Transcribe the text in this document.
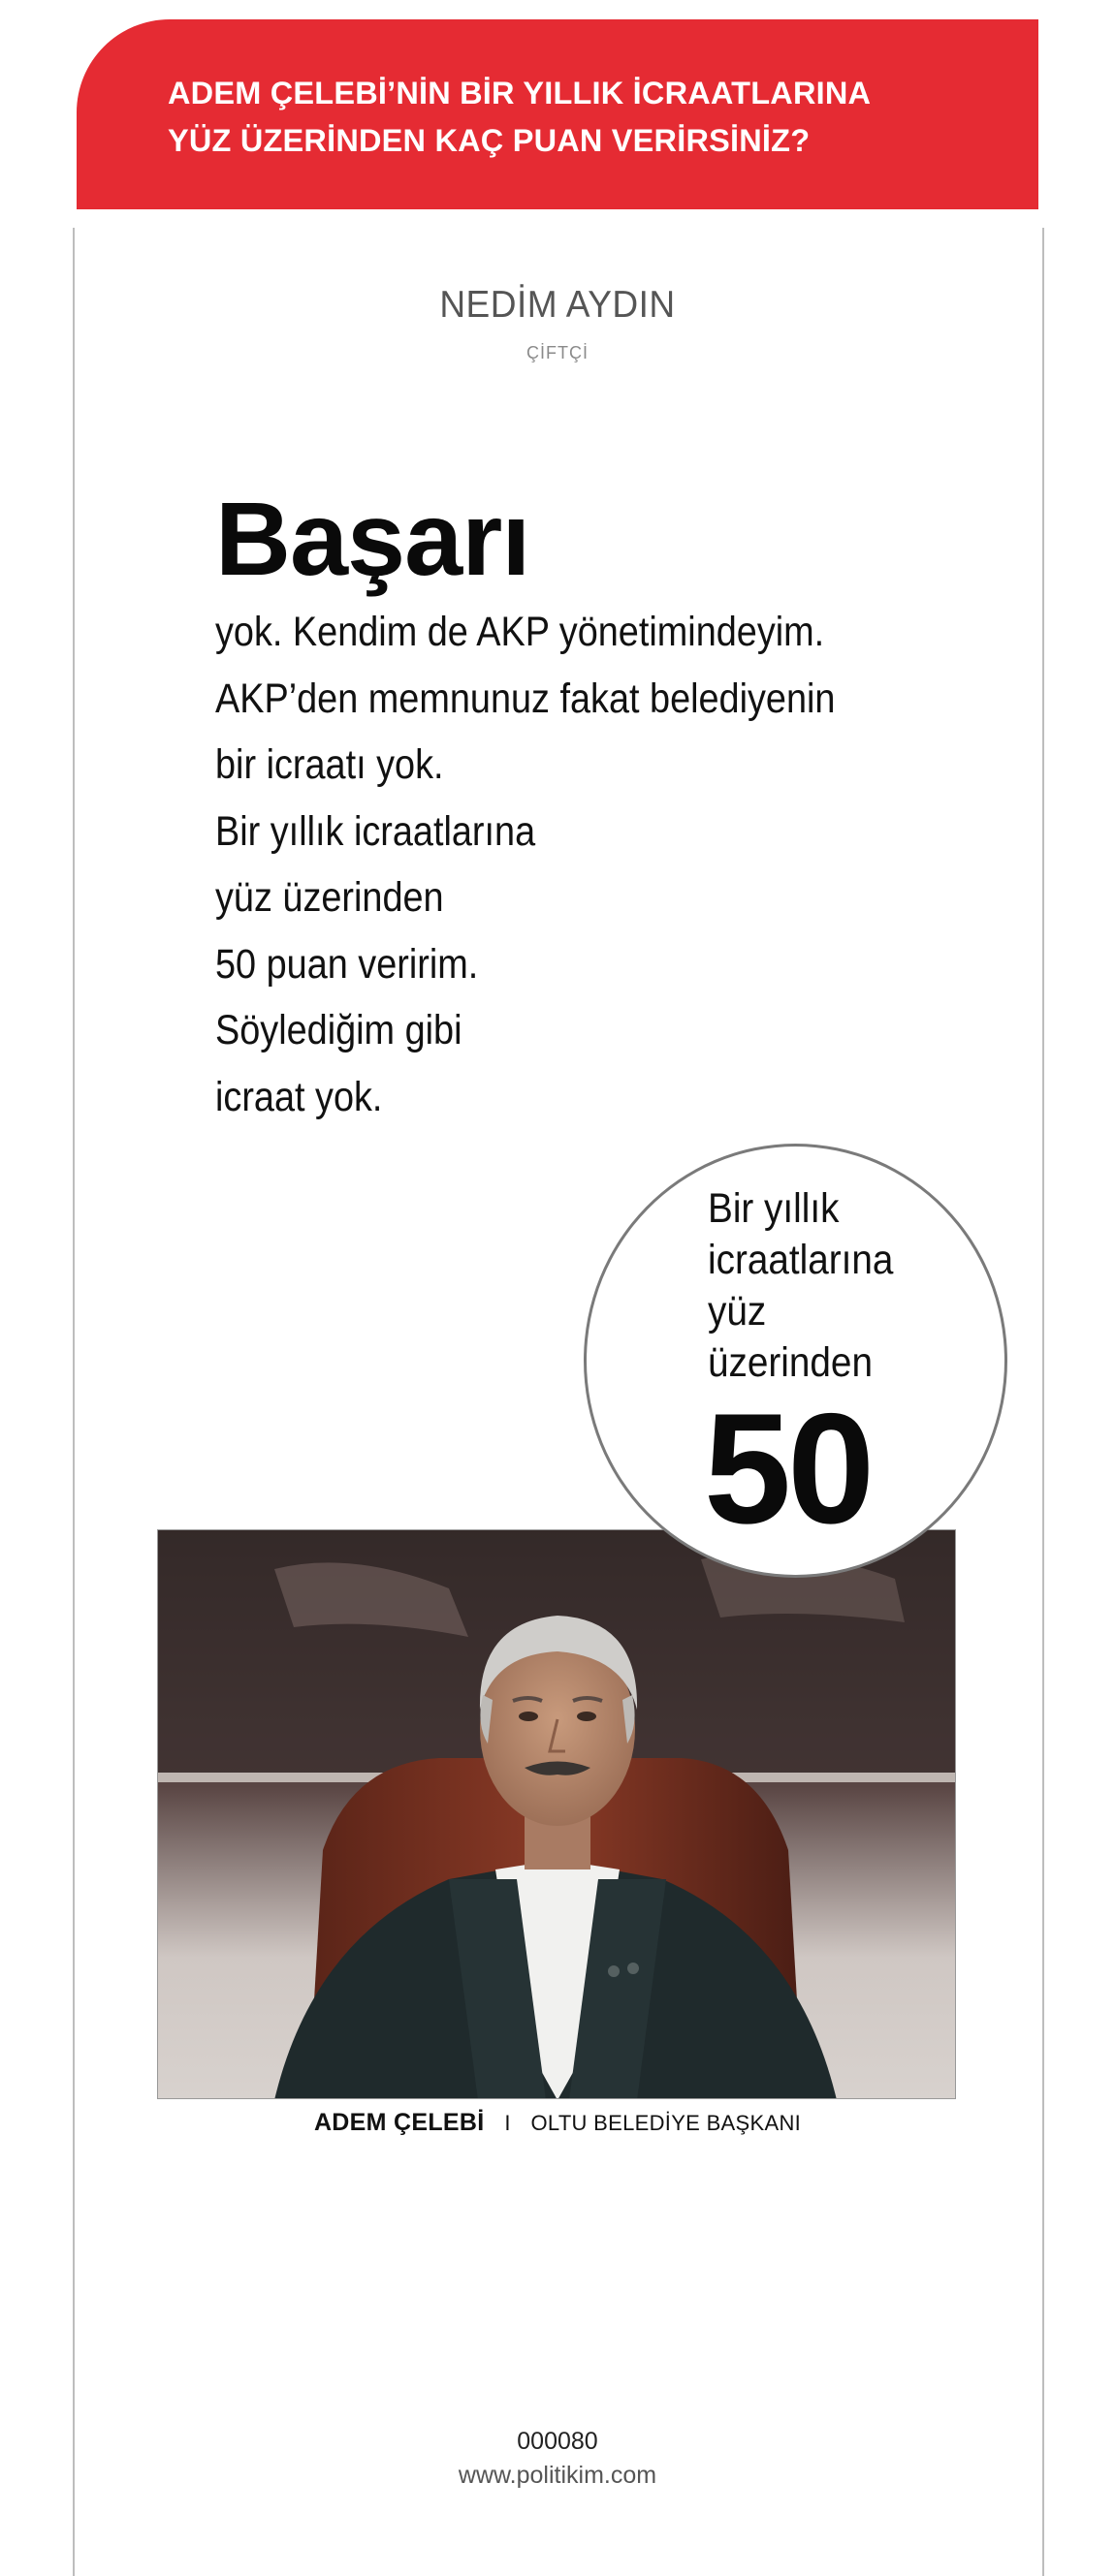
ADEM ÇELEBİ’NİN BİR YILLIK İCRAATLARINA
YÜZ ÜZERİNDEN KAÇ PUAN VERİRSİNİZ?
NEDİM AYDIN
ÇİFTÇİ
Başarı
yok. Kendim de AKP yönetimindeyim.
AKP’den memnunuz fakat belediyenin
bir icraatı yok.
Bir yıllık icraatlarına
yüz üzerinden
50 puan veririm.
Söylediğim gibi
icraat yok.
Bir yıllık
icraatlarına
yüz
üzerinden
50
ADEM ÇELEBİ I OLTU BELEDİYE BAŞKANI
000080
www.politikim.com
